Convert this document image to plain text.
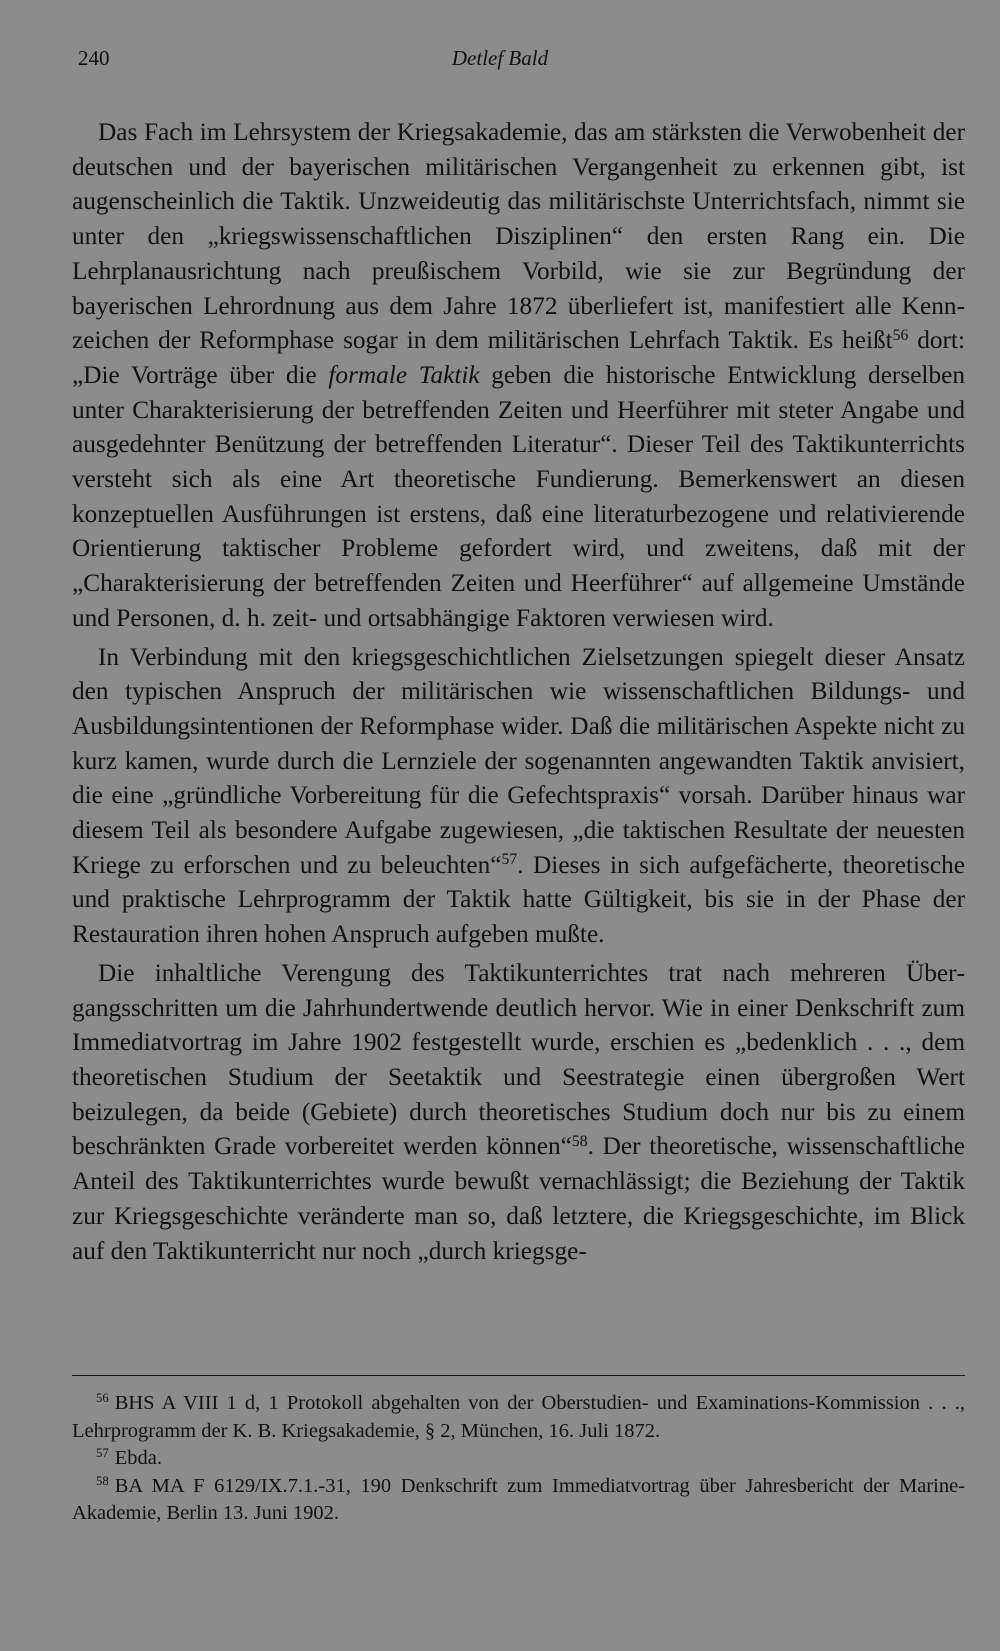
240	Detlef Bald

Das Fach im Lehrsystem der Kriegsakademie, das am stärksten die Verwobenheit der deutschen und der bayerischen militärischen Vergangenheit zu erkennen gibt, ist augenscheinlich die Taktik. Unzweideutig das militärischste Unterrichtsfach, nimmt sie unter den „kriegswissenschaftlichen Disziplinen“ den ersten Rang ein. Die Lehrplanausrichtung nach preußischem Vorbild, wie sie zur Begründung der bayerischen Lehrordnung aus dem Jahre 1872 überliefert ist, manifestiert alle Kennzeichen der Reformphase sogar in dem militärischen Lehrfach Taktik. Es heißt$^{56}$ dort: „Die Vorträge über die formale Taktik geben die historische Entwicklung derselben unter Charakterisierung der betreffenden Zeiten und Heerführer mit steter Angabe und ausgedehnter Benützung der betreffenden Literatur“. Dieser Teil des Taktikunterrichts versteht sich als eine Art theoretische Fundierung. Bemerkenswert an diesen konzeptuellen Ausführungen ist erstens, daß eine literaturbezogene und relativierende Orientierung taktischer Probleme gefordert wird, und zweitens, daß mit der „Charakterisierung der betreffenden Zeiten und Heerführer“ auf allgemeine Umstände und Personen, d. h. zeit- und ortsabhängige Faktoren verwiesen wird.

In Verbindung mit den kriegsgeschichtlichen Zielsetzungen spiegelt dieser Ansatz den typischen Anspruch der militärischen wie wissenschaftlichen Bildungs- und Ausbildungsintentionen der Reformphase wider. Daß die militärischen Aspekte nicht zu kurz kamen, wurde durch die Lernziele der sogenannten angewandten Taktik anvisiert, die eine „gründliche Vorbereitung für die Gefechtspraxis“ vorsah. Darüber hinaus war diesem Teil als besondere Aufgabe zugewiesen, „die taktischen Resultate der neuesten Kriege zu erforschen und zu beleuchten“$^{57}$. Dieses in sich aufgefächerte, theoretische und praktische Lehrprogramm der Taktik hatte Gültigkeit, bis sie in der Phase der Restauration ihren hohen Anspruch aufgeben mußte.

Die inhaltliche Verengung des Taktikunterrichtes trat nach mehreren Übergangsschritten um die Jahrhundertwende deutlich hervor. Wie in einer Denkschrift zum Immediatvortrag im Jahre 1902 festgestellt wurde, erschien es „bedenklich . . ., dem theoretischen Studium der Seetaktik und Seestrategie einen übergroßen Wert beizulegen, da beide (Gebiete) durch theoretisches Studium doch nur bis zu einem beschränkten Grade vorbereitet werden können“$^{58}$. Der theoretische, wissenschaftliche Anteil des Taktikunterrichtes wurde bewußt vernachlässigt; die Beziehung der Taktik zur Kriegsgeschichte veränderte man so, daß letztere, die Kriegsgeschichte, im Blick auf den Taktikunterricht nur noch „durch kriegsge-

$^{56}$ BHS A VIII 1 d, 1 Protokoll abgehalten von der Oberstudien- und Examinations-Kommission . . ., Lehrprogramm der K. B. Kriegsakademie, § 2, München, 16. Juli 1872.

$^{57}$ Ebda.

$^{58}$ BA MA F 6129/IX.7.1.-31, 190 Denkschrift zum Immediatvortrag über Jahresbericht der Marine-Akademie, Berlin 13. Juni 1902.
